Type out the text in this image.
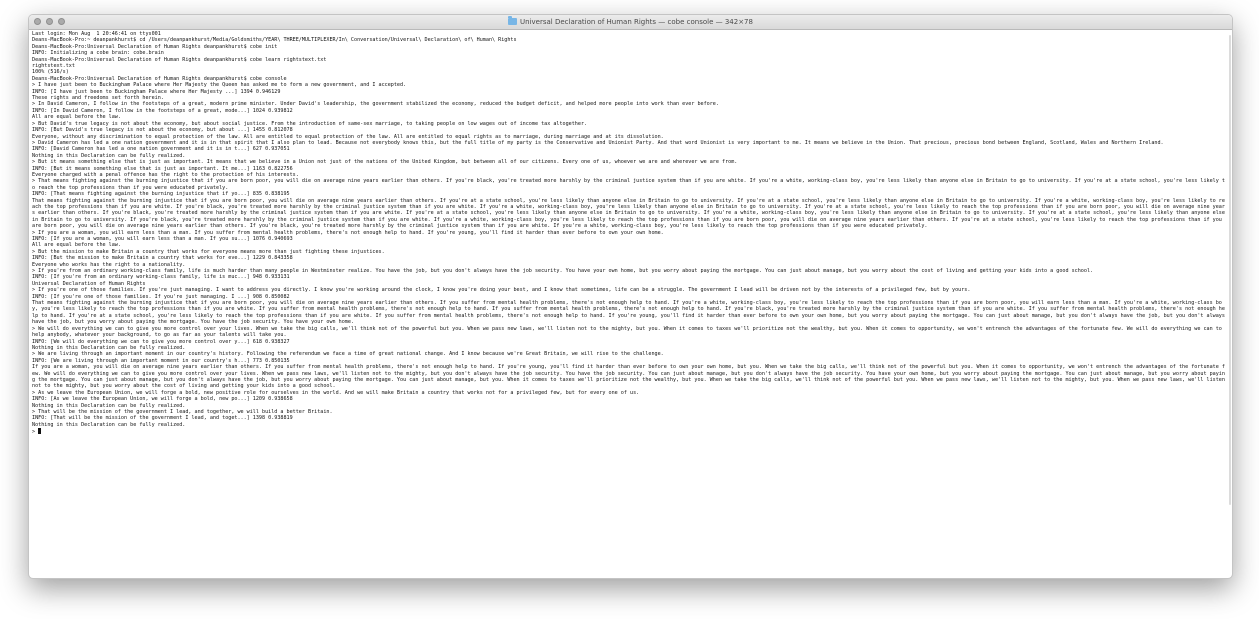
Universal Declaration of Human Rights — cobe console — 342×78
Last login: Mon Aug  1 20:46:41 on ttys001
Deans-MacBook-Pro:~ deanpankhurst$ cd /Users/deanpankhurst/Media/Goldsmiths/YEAR\ THREE/MULTIPLEXER/In\ Conversation/Universal\ Declaration\ of\ Human\ Rights
Deans-MacBook-Pro:Universal Declaration of Human Rights deanpankhurst$ cobe init
INFO: Initializing a cobe brain: cobe.brain
Deans-MacBook-Pro:Universal Declaration of Human Rights deanpankhurst$ cobe learn rightstext.txt
rightstext.txt
100% (516/s)
Deans-MacBook-Pro:Universal Declaration of Human Rights deanpankhurst$ cobe console
> I have just been to Buckingham Palace where Her Majesty the Queen has asked me to form a new government, and I accepted.
INFO: [I have just been to Buckingham Palace where Her Majesty ...] 1394 0.946129
These rights and freedoms set forth herein.
> In David Cameron, I follow in the footsteps of a great, modern prime minister. Under David's leadership, the government stabilized the economy, reduced the budget deficit, and helped more people into work than ever before.
INFO: [In David Cameron, I follow in the footsteps of a great, mode...] 1024 0.939812
All are equal before the law.
> But David's true legacy is not about the economy, but about social justice. From the introduction of same-sex marriage, to taking people on low wages out of income tax altogether.
INFO: [But David's true legacy is not about the economy, but about ...] 1455 0.812078
Everyone, without any discrimination to equal protection of the law. All are entitled to equal protection of the law. All are entitled to equal rights as to marriage, during marriage and at its dissolution.
> David Cameron has led a one nation government and it is in that spirit that I also plan to lead. Because not everybody knows this, but the full title of my party is the Conservative and Unionist Party. And that word Unionist is very important to me. It means we believe in the Union. That precious, precious bond between England, Scotland, Wales and Northern Ireland.
INFO: [David Cameron has led a one nation government and it is in t...] 627 0.937051
Nothing in this Declaration can be fully realized.
> But it means something else that is just as important. It means that we believe in a Union not just of the nations of the United Kingdom, but between all of our citizens. Every one of us, whoever we are and wherever we are from.
INFO: [But it means something else that is just as important. It me...] 1163 0.822756
Everyone charged with a penal offence has the right to the protection of his interests.
> That means fighting against the burning injustice that if you are born poor, you will die on average nine years earlier than others. If you're black, you're treated more harshly by the criminal justice system than if you are white. If you're a white, working-class boy, you're less likely than anyone else in Britain to go to university. If you're at a state school, you're less likely to reach the top professions than if you were educated privately.
INFO: [That means fighting against the burning injustice that if yo...] 835 0.838195
That means fighting against the burning injustice that if you are born poor, you will die on average nine years earlier than others. If you're at a state school, you're less likely than anyone else in Britain to go to university. If you're at a state school, you're less likely than anyone else in Britain to go to university. If you're a white, working-class boy, you're less likely to reach the top professions than if you are white. If you're black, you're treated more harshly by the criminal justice system than if you are white. If you're a white, working-class boy, you're less likely than anyone else in Britain to go to university. If you're at a state school, you're less likely to reach the top professions than if you are born poor, you will die on average nine years earlier than others. If you're black, you're treated more harshly by the criminal justice system than if you are white. If you're at a state school, you're less likely than anyone else in Britain to go to university. If you're a white, working-class boy, you're less likely than anyone else in Britain to go to university. If you're at a state school, you're less likely than anyone else in Britain to go to university. If you're black, you're treated more harshly by the criminal justice system than if you are white. If you're a white, working-class boy, you're less likely to reach the top professions than if you are born poor, you will die on average nine years earlier than others. If you're at a state school, you're less likely to reach the top professions than if you are born poor, you will die on average nine years earlier than others. If you're black, you're treated more harshly by the criminal justice system than if you are white. If you're a white, working-class boy, you're less likely to reach the top professions than if you were educated privately.
> If you are a woman, you will earn less than a man. If you suffer from mental health problems, there's not enough help to hand. If you're young, you'll find it harder than ever before to own your own home.
INFO: [If you are a woman, you will earn less than a man. If you su...] 1076 0.940693
All are equal before the law.
> But the mission to make Britain a country that works for everyone means more than just fighting these injustices.
INFO: [But the mission to make Britain a country that works for eve...] 1229 0.843358
Everyone who works has the right to a nationality.
> If you're from an ordinary working-class family, life is much harder than many people in Westminster realize. You have the job, but you don't always have the job security. You have your own home, but you worry about paying the mortgage. You can just about manage, but you worry about the cost of living and getting your kids into a good school.
INFO: [If you're from an ordinary working-class family, life is muc...] 948 0.933131
Universal Declaration of Human Rights
> If you're one of those families. If you're just managing. I want to address you directly. I know you're working around the clock, I know you're doing your best, and I know that sometimes, life can be a struggle. The government I lead will be driven not by the interests of a privileged few, but by yours.
INFO: [If you're one of those families. If you're just managing. I ...] 908 0.850082
That means fighting against the burning injustice that if you are born poor, you will die on average nine years earlier than others. If you suffer from mental health problems, there's not enough help to hand. If you're a white, working-class boy, you're less likely to reach the top professions than if you are born poor, you will earn less than a man. If you're a white, working-class boy, you're less likely to reach the top professions than if you are white. If you suffer from mental health problems, there's not enough help to hand. If you suffer from mental health problems, there's not enough help to hand. If you're black, you're treated more harshly by the criminal justice system than if you are white. If you suffer from mental health problems, there's not enough help to hand. If you're at a state school, you're less likely to reach the top professions than if you are white. If you suffer from mental health problems, there's not enough help to hand. If you're young, you'll find it harder than ever before to own your own home, but you worry about paying the mortgage. You can just about manage, but you don't always have the job, but you don't always have the job, but you worry about paying the mortgage. You have the job security. You have your own home.
> We will do everything we can to give you more control over your lives. When we take the big calls, we'll think not of the powerful but you. When we pass new laws, we'll listen not to the mighty, but you. When it comes to taxes we'll prioritize not the wealthy, but you. When it comes to opportunity, we won't entrench the advantages of the fortunate few. We will do everything we can to help anybody, whatever your background, to go as far as your talents will take you.
INFO: [We will do everything we can to give you more control over y...] 618 0.938327
Nothing in this Declaration can be fully realized.
> We are living through an important moment in our country's history. Following the referendum we face a time of great national change. And I know because we're Great Britain, we will rise to the challenge.
INFO: [We are living through an important moment in our country's h...] 773 0.850135
If you are a woman, you will die on average nine years earlier than others. If you suffer from mental health problems, there's not enough help to hand. If you're young, you'll find it harder than ever before to own your own home, but you. When we take the big calls, we'll think not of the powerful but you. When it comes to opportunity, we won't entrench the advantages of the fortunate few. We will do everything we can to give you more control over your lives. When we pass new laws, we'll listen not to the mighty, but you don't always have the job security. You have the job security. You can just about manage, but you don't always have the job security. You have your own home, but you worry about paying the mortgage. You can just about manage, but you worry about paying the mortgage. You can just about manage, but you don't always have the job, but you worry about paying the mortgage. You can just about manage, but you. When it comes to taxes we'll prioritize not the wealthy, but you. When we take the big calls, we'll think not of the powerful but you. When we pass new laws, we'll listen not to the mighty, but you. When we pass new laws, we'll listen not to the mighty, but you worry about the cost of living and getting your kids into a good school.
> As we leave the European Union, we will forge a bold, new positive role for ourselves in the world. And we will make Britain a country that works not for a privileged few, but for every one of us.
INFO: [As we leave the European Union, we will forge a bold, new po...] 1209 0.938658
Nothing in this Declaration can be fully realized.
> That will be the mission of the government I lead, and together, we will build a better Britain.
INFO: [That will be the mission of the government I lead, and toget...] 1398 0.938819
Nothing in this Declaration can be fully realized.
>
